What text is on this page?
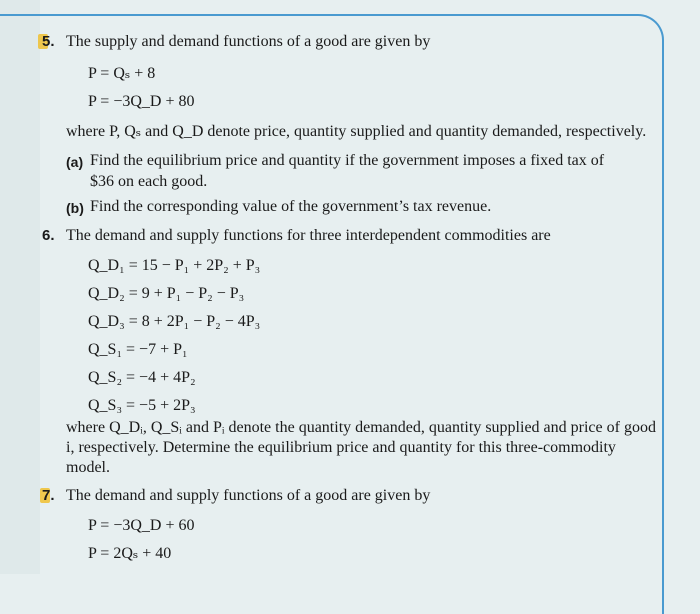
5. The supply and demand functions of a good are given by
P = Qₛ + 8
P = −3Q_D + 80
where P, Qₛ and Q_D denote price, quantity supplied and quantity demanded, respectively.
(a) Find the equilibrium price and quantity if the government imposes a fixed tax of
$36 on each good.
(b) Find the corresponding value of the government’s tax revenue.
6. The demand and supply functions for three interdependent commodities are
Q_D₁ = 15 − P₁ + 2P₂ + P₃
Q_D₂ = 9 + P₁ − P₂ − P₃
Q_D₃ = 8 + 2P₁ − P₂ − 4P₃
Q_S₁ = −7 + P₁
Q_S₂ = −4 + 4P₂
Q_S₃ = −5 + 2P₃
where Q_Dᵢ, Q_Sᵢ and Pᵢ denote the quantity demanded, quantity supplied and price of good
i, respectively. Determine the equilibrium price and quantity for this three-commodity
model.
7. The demand and supply functions of a good are given by
P = −3Q_D + 60
P = 2Qₛ + 40
